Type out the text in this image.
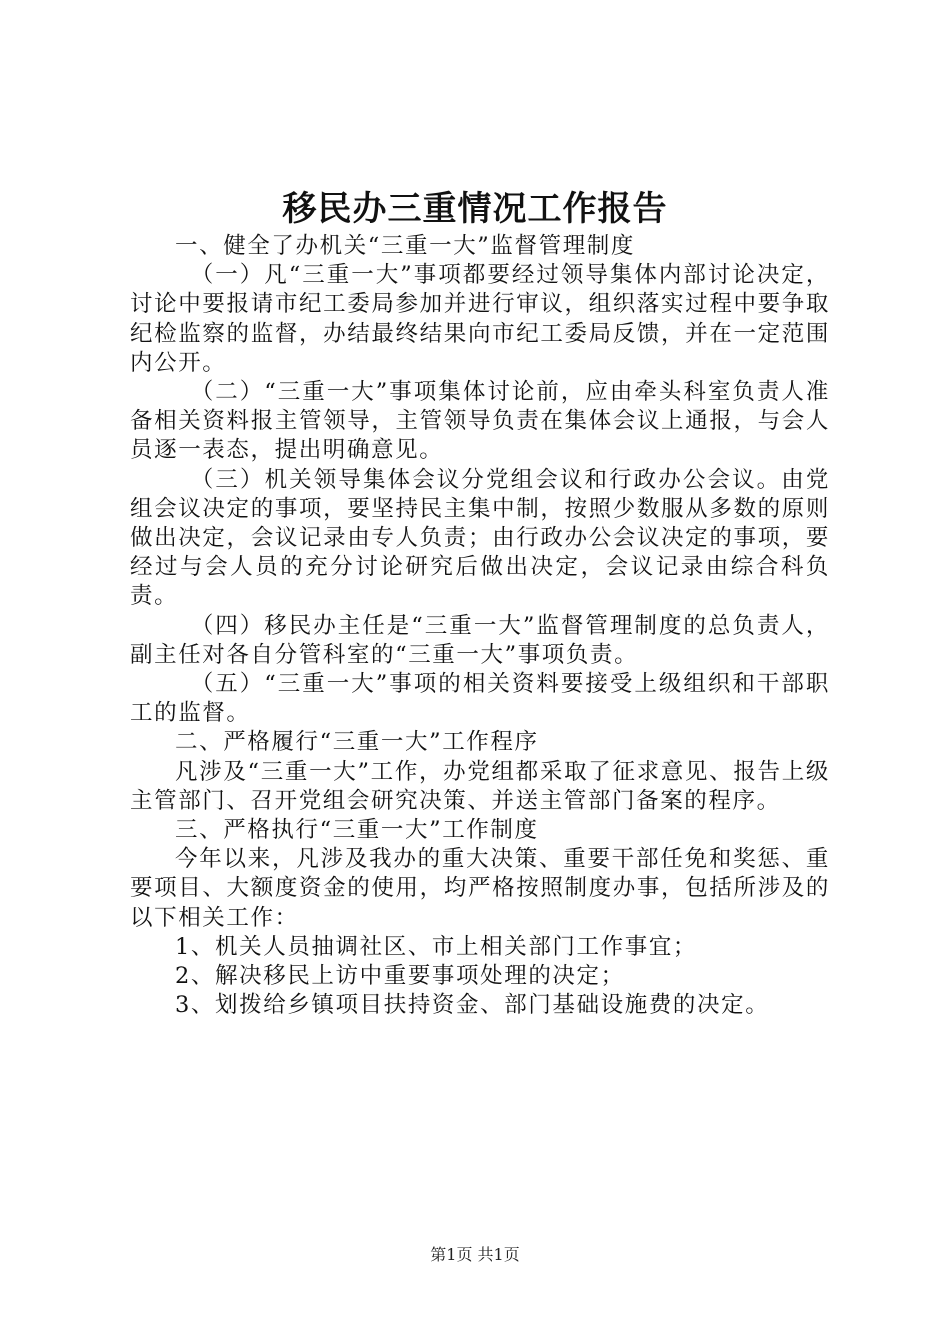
移民办三重情况工作报告

一、健全了办机关“三重一大”监督管理制度

（一）凡“三重一大”事项都要经过领导集体内部讨论决定，讨论中要报请市纪工委局参加并进行审议，组织落实过程中要争取纪检监察的监督，办结最终结果向市纪工委局反馈，并在一定范围内公开。

（二）“三重一大”事项集体讨论前，应由牵头科室负责人准备相关资料报主管领导，主管领导负责在集体会议上通报，与会人员逐一表态，提出明确意见。

（三）机关领导集体会议分党组会议和行政办公会议。由党组会议决定的事项，要坚持民主集中制，按照少数服从多数的原则做出决定，会议记录由专人负责；由行政办公会议决定的事项，要经过与会人员的充分讨论研究后做出决定，会议记录由综合科负责。

（四）移民办主任是“三重一大”监督管理制度的总负责人，副主任对各自分管科室的“三重一大”事项负责。

（五）“三重一大”事项的相关资料要接受上级组织和干部职工的监督。

二、严格履行“三重一大”工作程序

凡涉及“三重一大”工作，办党组都采取了征求意见、报告上级主管部门、召开党组会研究决策、并送主管部门备案的程序。

三、严格执行“三重一大”工作制度

今年以来，凡涉及我办的重大决策、重要干部任免和奖惩、重要项目、大额度资金的使用，均严格按照制度办事，包括所涉及的以下相关工作：

1、机关人员抽调社区、市上相关部门工作事宜；

2、解决移民上访中重要事项处理的决定；

3、划拨给乡镇项目扶持资金、部门基础设施费的决定。

第1页 共1页
